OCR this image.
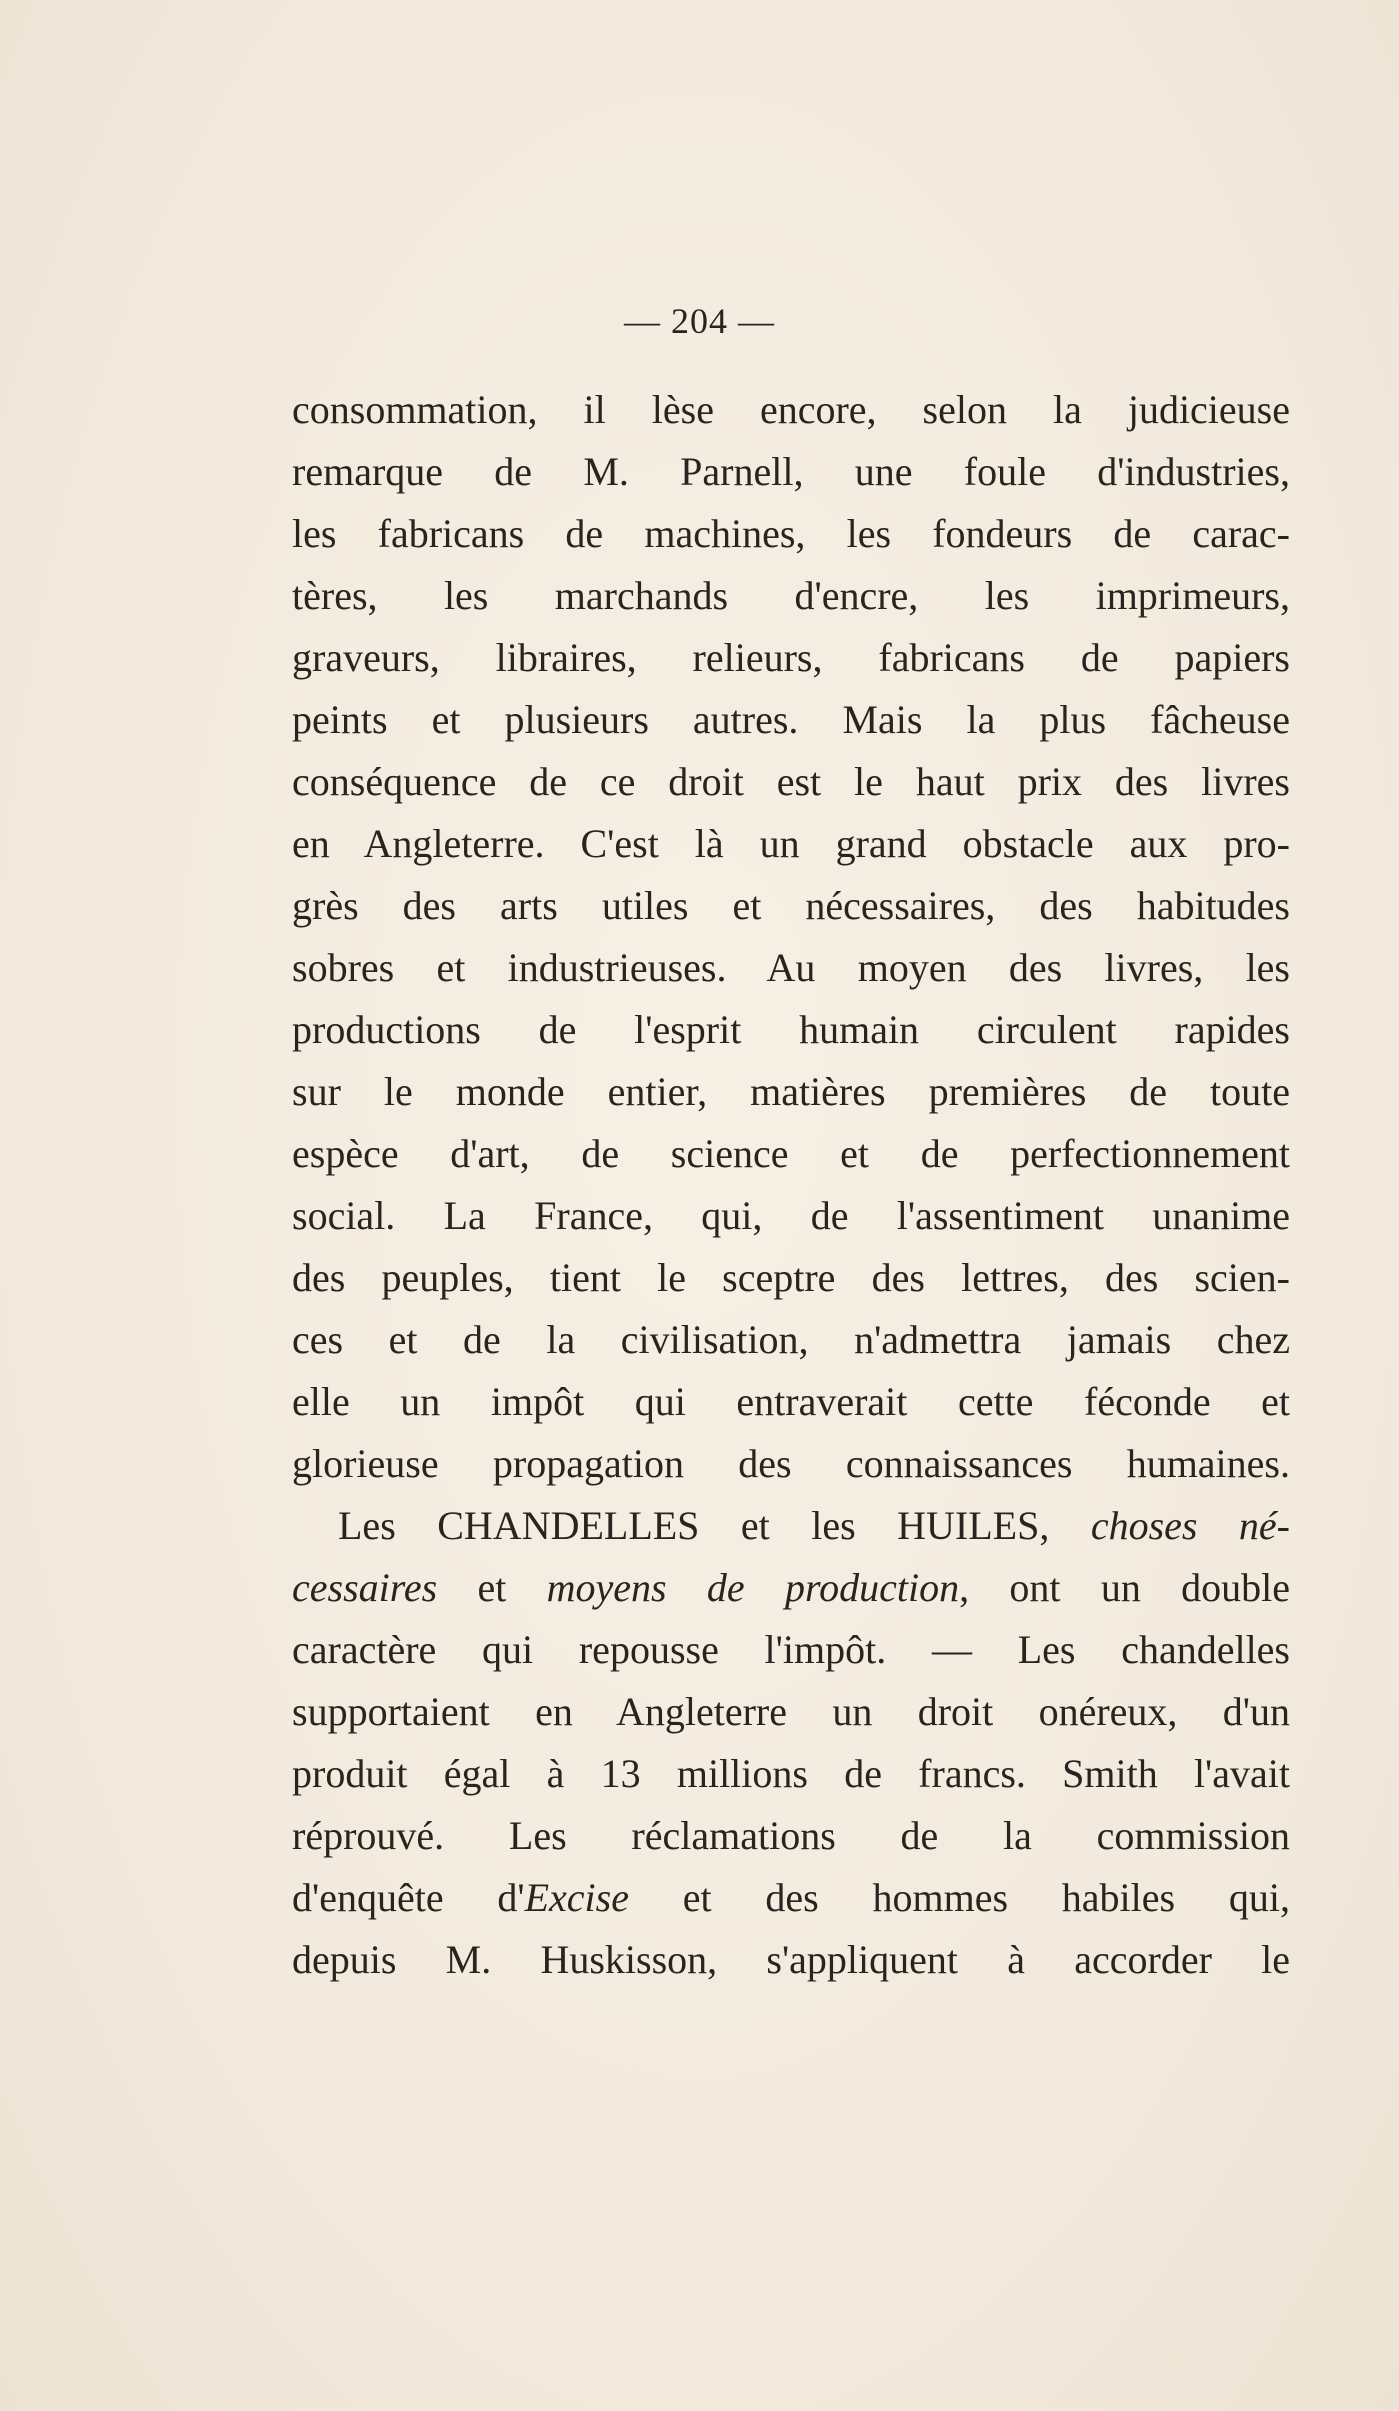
— 204 —
consommation, il lèse encore, selon la judicieuse
remarque de M. Parnell, une foule d'industries,
les fabricans de machines, les fondeurs de carac-
tères, les marchands d'encre, les imprimeurs,
graveurs, libraires, relieurs, fabricans de papiers
peints et plusieurs autres. Mais la plus fâcheuse
conséquence de ce droit est le haut prix des livres
en Angleterre. C'est là un grand obstacle aux pro-
grès des arts utiles et nécessaires, des habitudes
sobres et industrieuses. Au moyen des livres, les
productions de l'esprit humain circulent rapides
sur le monde entier, matières premières de toute
espèce d'art, de science et de perfectionnement
social. La France, qui, de l'assentiment unanime
des peuples, tient le sceptre des lettres, des scien-
ces et de la civilisation, n'admettra jamais chez
elle un impôt qui entraverait cette féconde et
glorieuse propagation des connaissances humaines.
Les CHANDELLES et les HUILES, choses né-
cessaires et moyens de production, ont un double
caractère qui repousse l'impôt. — Les chandelles
supportaient en Angleterre un droit onéreux, d'un
produit égal à 13 millions de francs. Smith l'avait
réprouvé. Les réclamations de la commission
d'enquête d'Excise et des hommes habiles qui,
depuis M. Huskisson, s'appliquent à accorder le
